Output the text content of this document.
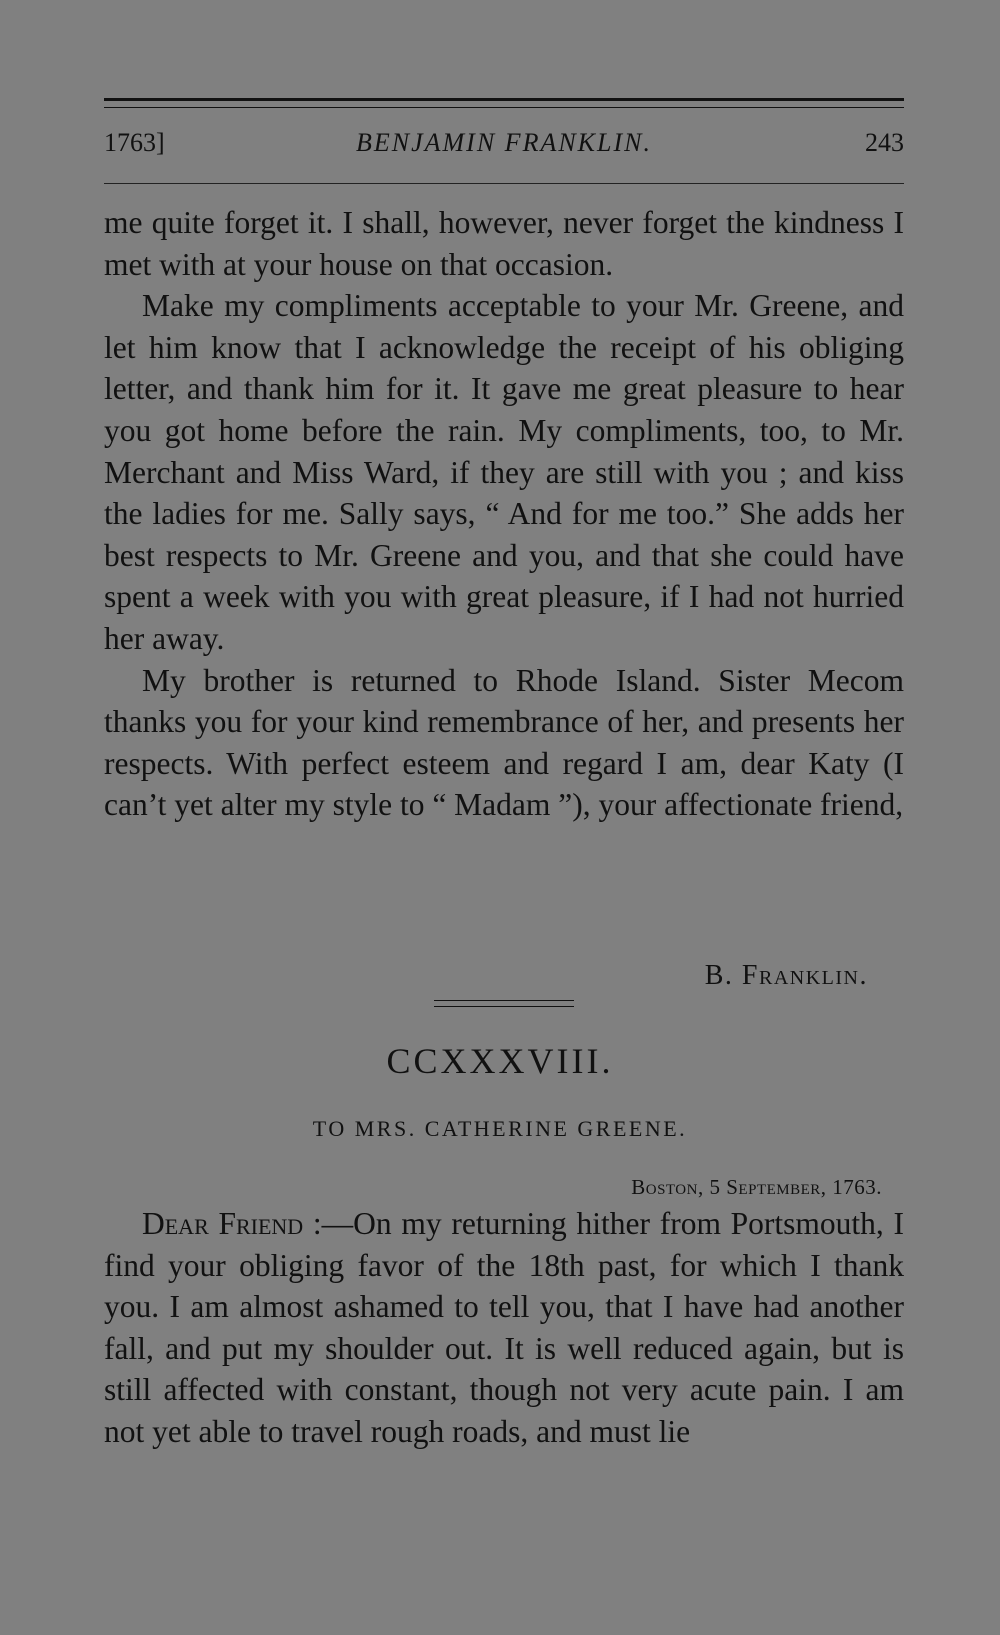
1763]	BENJAMIN FRANKLIN.	243

me quite forget it. I shall, however, never forget the kindness I met with at your house on that occasion.

Make my compliments acceptable to your Mr. Greene, and let him know that I acknowledge the receipt of his obliging letter, and thank him for it. It gave me great pleasure to hear you got home before the rain. My compliments, too, to Mr. Merchant and Miss Ward, if they are still with you ; and kiss the ladies for me. Sally says, “ And for me too.” She adds her best respects to Mr. Greene and you, and that she could have spent a week with you with great pleasure, if I had not hurried her away.

My brother is returned to Rhode Island. Sister Mecom thanks you for your kind remembrance of her, and presents her respects. With perfect esteem and regard I am, dear Katy (I can’t yet alter my style to “ Madam ”), your affectionate friend,

B. Franklin.
CCXXXVIII.
TO MRS. CATHERINE GREENE.
Boston, 5 September, 1763.

Dear Friend :—On my returning hither from Portsmouth, I find your obliging favor of the 18th past, for which I thank you. I am almost ashamed to tell you, that I have had another fall, and put my shoulder out. It is well reduced again, but is still affected with constant, though not very acute pain. I am not yet able to travel rough roads, and must lie
